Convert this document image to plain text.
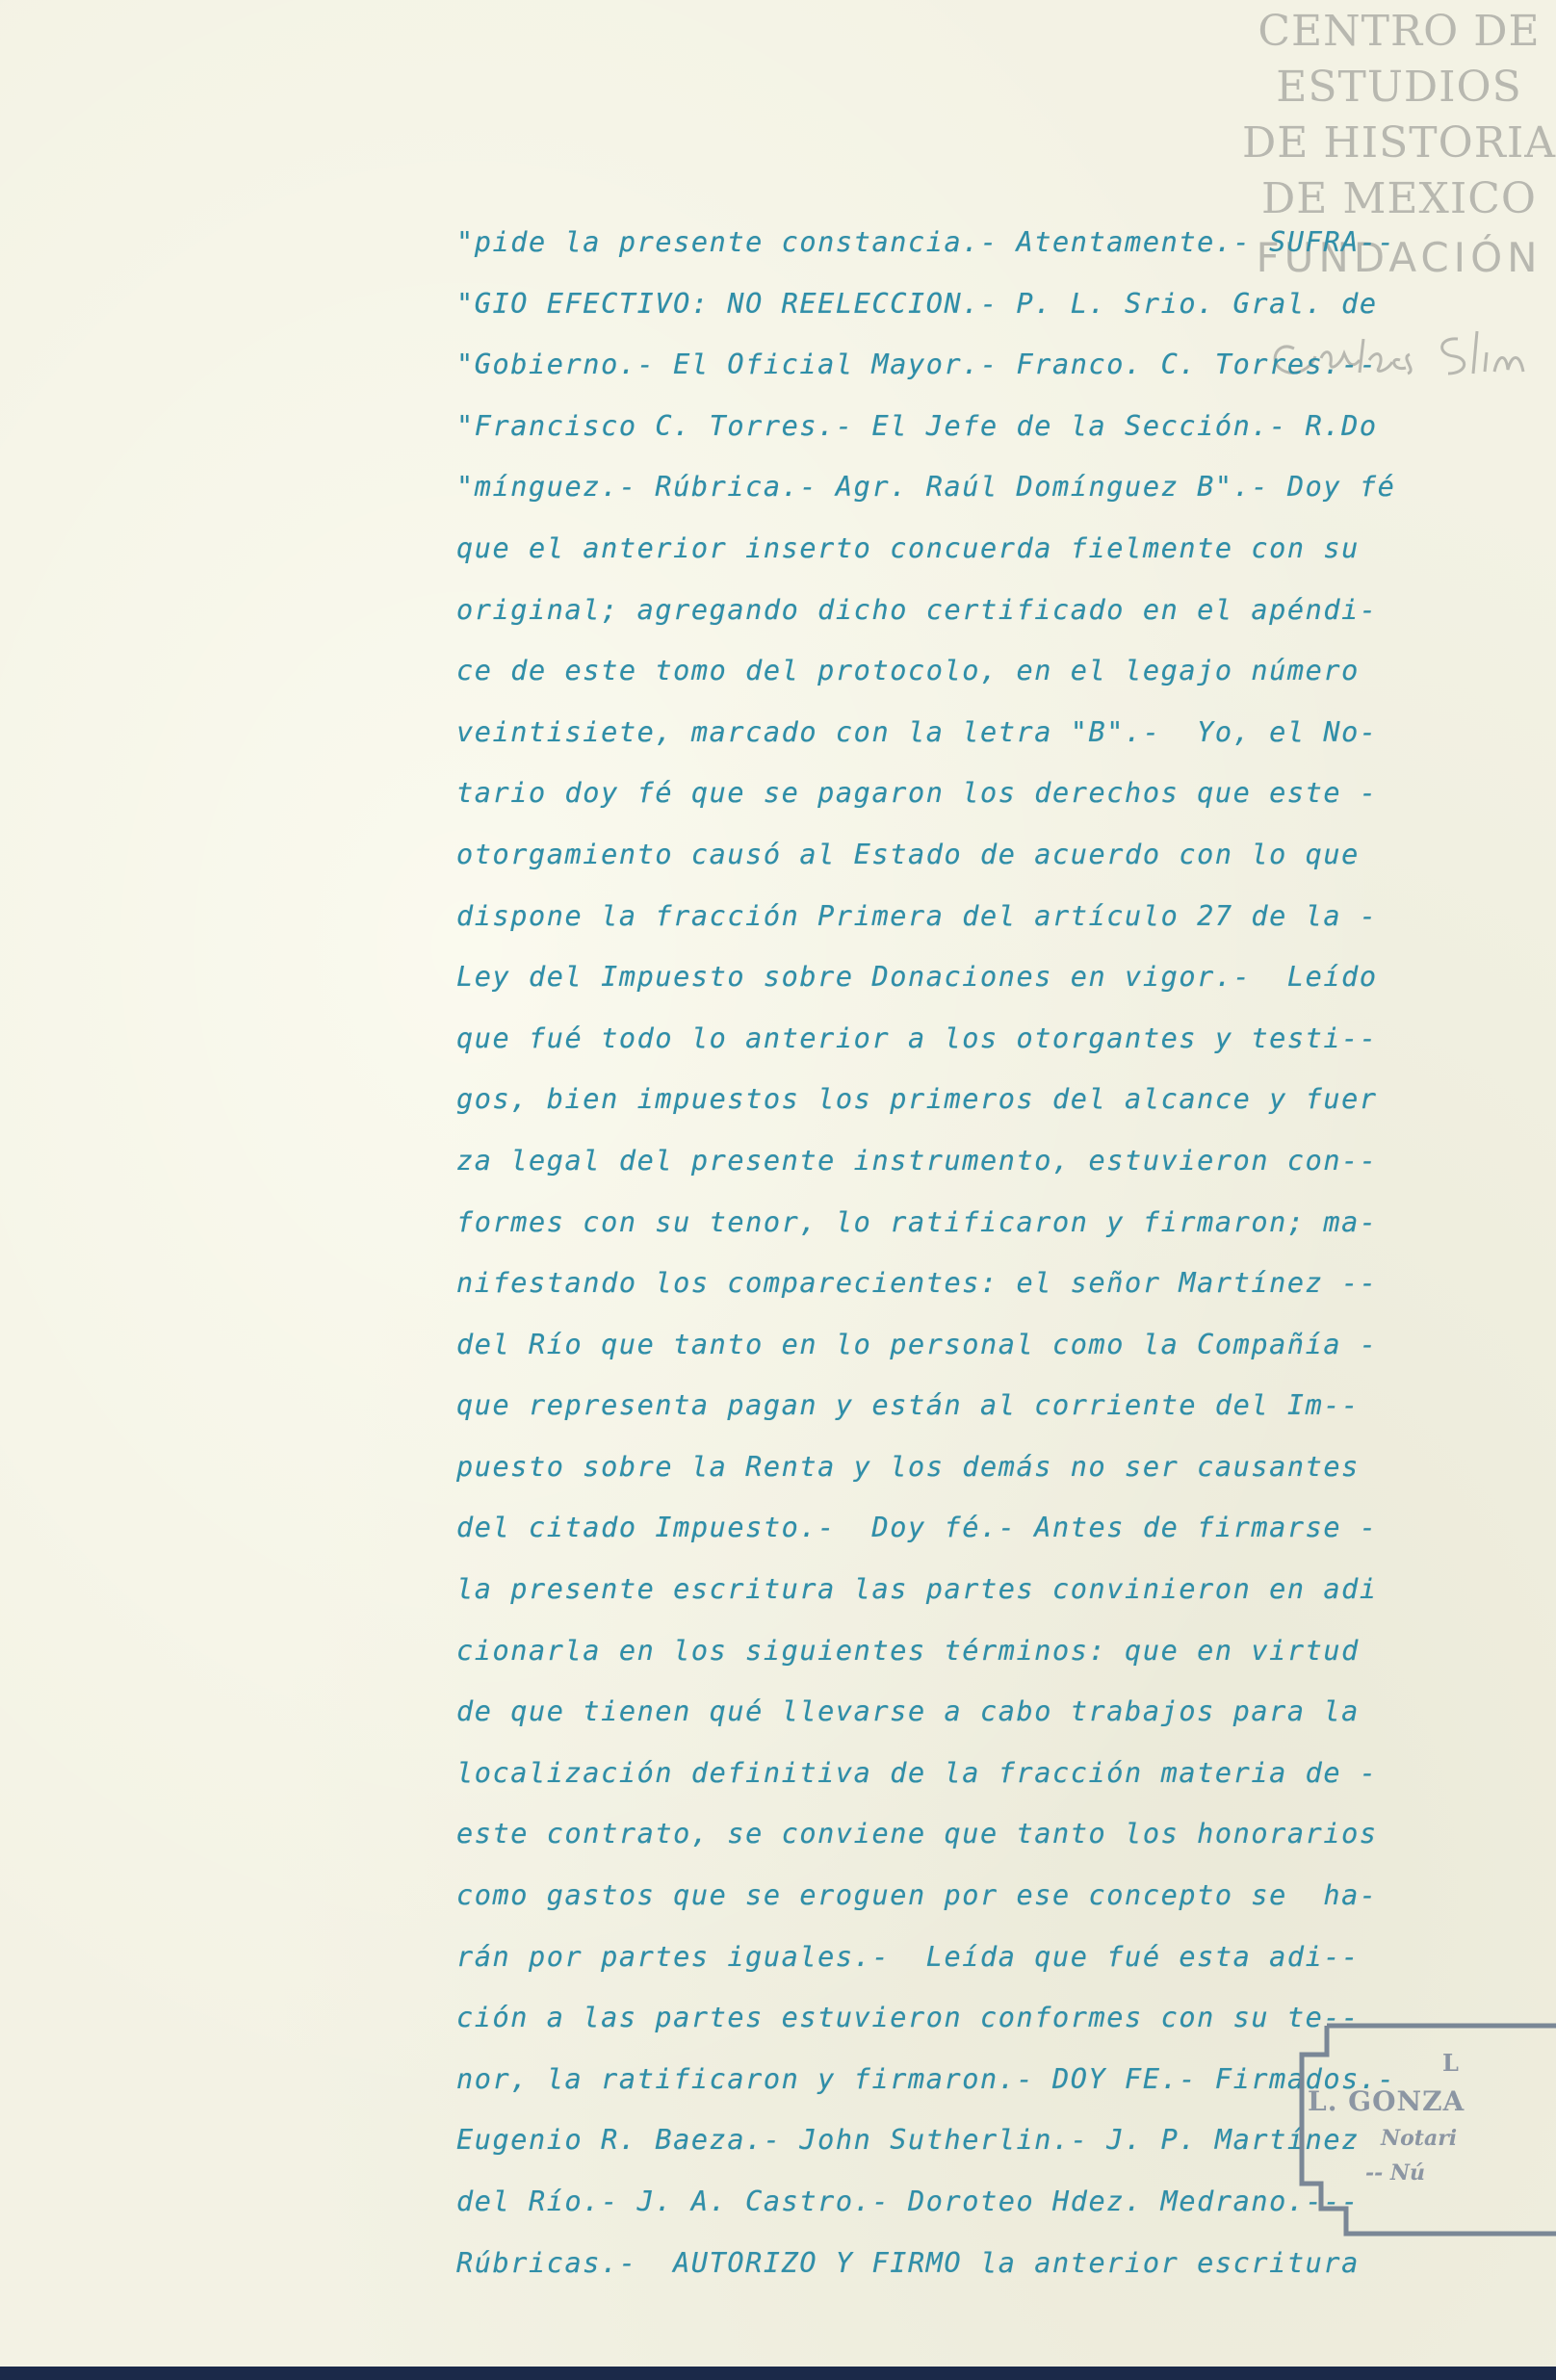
CENTRO DE
ESTUDIOS
DE HISTORIA
DE MEXICO
FUNDACIÓN
"pide la presente constancia.- Atentamente.- SUFRA--
"GIO EFECTIVO: NO REELECCION.- P. L. Srio. Gral. de
"Gobierno.- El Oficial Mayor.- Franco. C. Torres.--
"Francisco C. Torres.- El Jefe de la Sección.- R.Do
"mínguez.- Rúbrica.- Agr. Raúl Domínguez B".- Doy fé
que el anterior inserto concuerda fielmente con su
original; agregando dicho certificado en el apéndi-
ce de este tomo del protocolo, en el legajo número
veintisiete, marcado con la letra "B".-  Yo, el No-
tario doy fé que se pagaron los derechos que este -
otorgamiento causó al Estado de acuerdo con lo que
dispone la fracción Primera del artículo 27 de la -
Ley del Impuesto sobre Donaciones en vigor.-  Leído
que fué todo lo anterior a los otorgantes y testi--
gos, bien impuestos los primeros del alcance y fuer
za legal del presente instrumento, estuvieron con--
formes con su tenor, lo ratificaron y firmaron; ma-
nifestando los comparecientes: el señor Martínez --
del Río que tanto en lo personal como la Compañía -
que representa pagan y están al corriente del Im--
puesto sobre la Renta y los demás no ser causantes
del citado Impuesto.-  Doy fé.- Antes de firmarse -
la presente escritura las partes convinieron en adi
cionarla en los siguientes términos: que en virtud
de que tienen qué llevarse a cabo trabajos para la
localización definitiva de la fracción materia de -
este contrato, se conviene que tanto los honorarios
como gastos que se eroguen por ese concepto se  ha-
rán por partes iguales.-  Leída que fué esta adi--
ción a las partes estuvieron conformes con su te--
nor, la ratificaron y firmaron.- DOY FE.- Firmados.-
Eugenio R. Baeza.- John Sutherlin.- J. P. Martínez
del Río.- J. A. Castro.- Doroteo Hdez. Medrano.---
Rúbricas.-  AUTORIZO Y FIRMO la anterior escritura
L
L. GONZA
Notari
-- Nú
